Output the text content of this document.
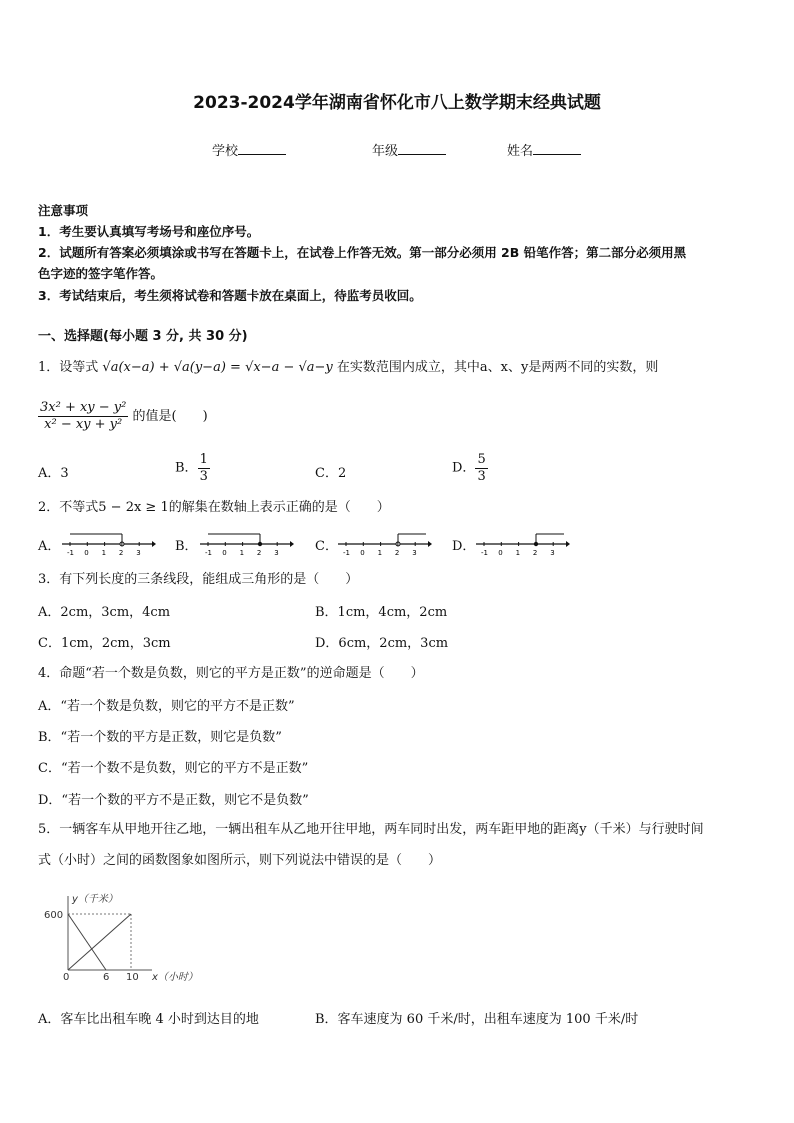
2023-2024学年湖南省怀化市八上数学期末经典试题
学校	年级	姓名
注意事项
1．考生要认真填写考场号和座位序号。
2．试题所有答案必须填涂或书写在答题卡上，在试卷上作答无效。第一部分必须用 2B 铅笔作答；第二部分必须用黑
色字迹的签字笔作答。
3．考试结束后，考生须将试卷和答题卡放在桌面上，待监考员收回。
一、选择题(每小题 3 分, 共 30 分)
1．设等式 √a(x−a) + √a(y−a) = √x−a − √a−y 在实数范围内成立，其中a、x、y是两两不同的实数，则
$\frac{\text{3x² + xy − y²}}{\text{x² − xy + y²}}$ 的值是(　　)
A．3	B． $\frac{1}{3}$	C．2	D． $\frac{5}{3}$
2．不等式5 − 2x ≥ 1的解集在数轴上表示正确的是（　　）
A．	B．	C．	D．
-1 0 1 2 3	-1 0 1 2 3	-1 0 1 2 3	-1 0 1 2 3
3．有下列长度的三条线段，能组成三角形的是（　　）
A．2cm，3cm，4cm	B．1cm，4cm，2cm
C．1cm，2cm，3cm	D．6cm，2cm，3cm
4．命题“若一个数是负数，则它的平方是正数”的逆命题是（　　）
A．“若一个数是负数，则它的平方不是正数”
B．“若一个数的平方是正数，则它是负数”
C．“若一个数不是负数，则它的平方不是正数”
D．“若一个数的平方不是正数，则它不是负数”
5．一辆客车从甲地开往乙地，一辆出租车从乙地开往甲地，两车同时出发，两车距甲地的距离y（千米）与行驶时间
式（小时）之间的函数图象如图所示，则下列说法中错误的是（　　）
y（千米）
600
0	6 10 x（小时）
A．客车比出租车晚 4 小时到达目的地	B．客车速度为 60 千米/时，出租车速度为 100 千米/时
